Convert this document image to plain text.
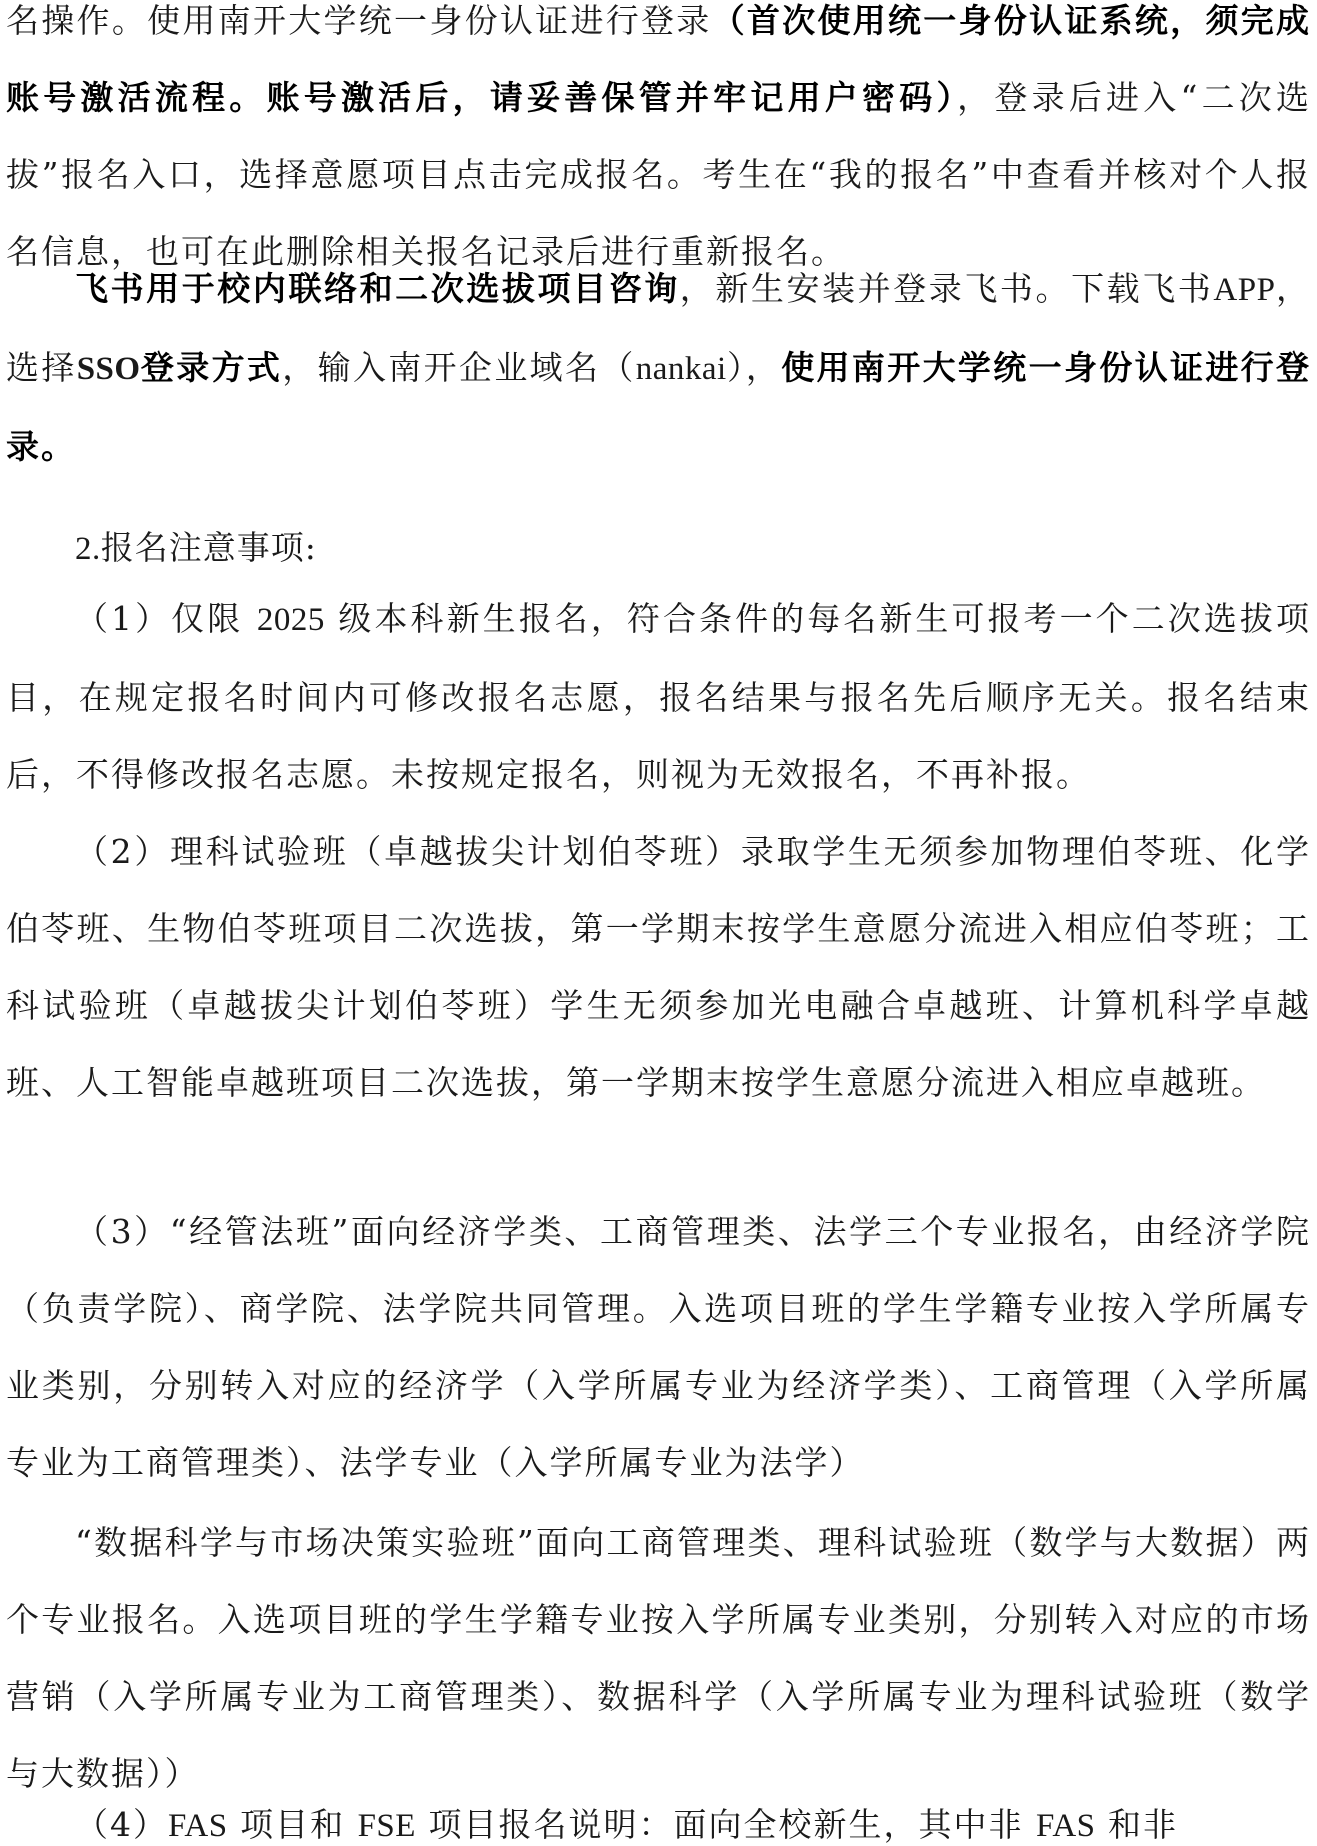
名操作。使用南开大学统一身份认证进行登录（首次使用统一身份认证系统，须完成账号激活流程。账号激活后，请妥善保管并牢记用户密码），登录后进入“二次选拔”报名入口，选择意愿项目点击完成报名。考生在“我的报名”中查看并核对个人报名信息，也可在此删除相关报名记录后进行重新报名。

飞书用于校内联络和二次选拔项目咨询，新生安装并登录飞书。下载飞书APP，选择SSO登录方式，输入南开企业域名（nankai），使用南开大学统一身份认证进行登录。

2.报名注意事项:

（1）仅限 2025 级本科新生报名，符合条件的每名新生可报考一个二次选拔项目，在规定报名时间内可修改报名志愿，报名结果与报名先后顺序无关。报名结束后，不得修改报名志愿。未按规定报名，则视为无效报名，不再补报。

（2）理科试验班（卓越拔尖计划伯苓班）录取学生无须参加物理伯苓班、化学伯苓班、生物伯苓班项目二次选拔，第一学期末按学生意愿分流进入相应伯苓班；工科试验班（卓越拔尖计划伯苓班）学生无须参加光电融合卓越班、计算机科学卓越班、人工智能卓越班项目二次选拔，第一学期末按学生意愿分流进入相应卓越班。

（3）“经管法班”面向经济学类、工商管理类、法学三个专业报名，由经济学院（负责学院）、商学院、法学院共同管理。入选项目班的学生学籍专业按入学所属专业类别，分别转入对应的经济学（入学所属专业为经济学类）、工商管理（入学所属专业为工商管理类）、法学专业（入学所属专业为法学）

“数据科学与市场决策实验班”面向工商管理类、理科试验班（数学与大数据）两个专业报名。入选项目班的学生学籍专业按入学所属专业类别，分别转入对应的市场营销（入学所属专业为工商管理类）、数据科学（入学所属专业为理科试验班（数学与大数据））

（4）FAS 项目和 FSE 项目报名说明：面向全校新生，其中非 FAS 和非
